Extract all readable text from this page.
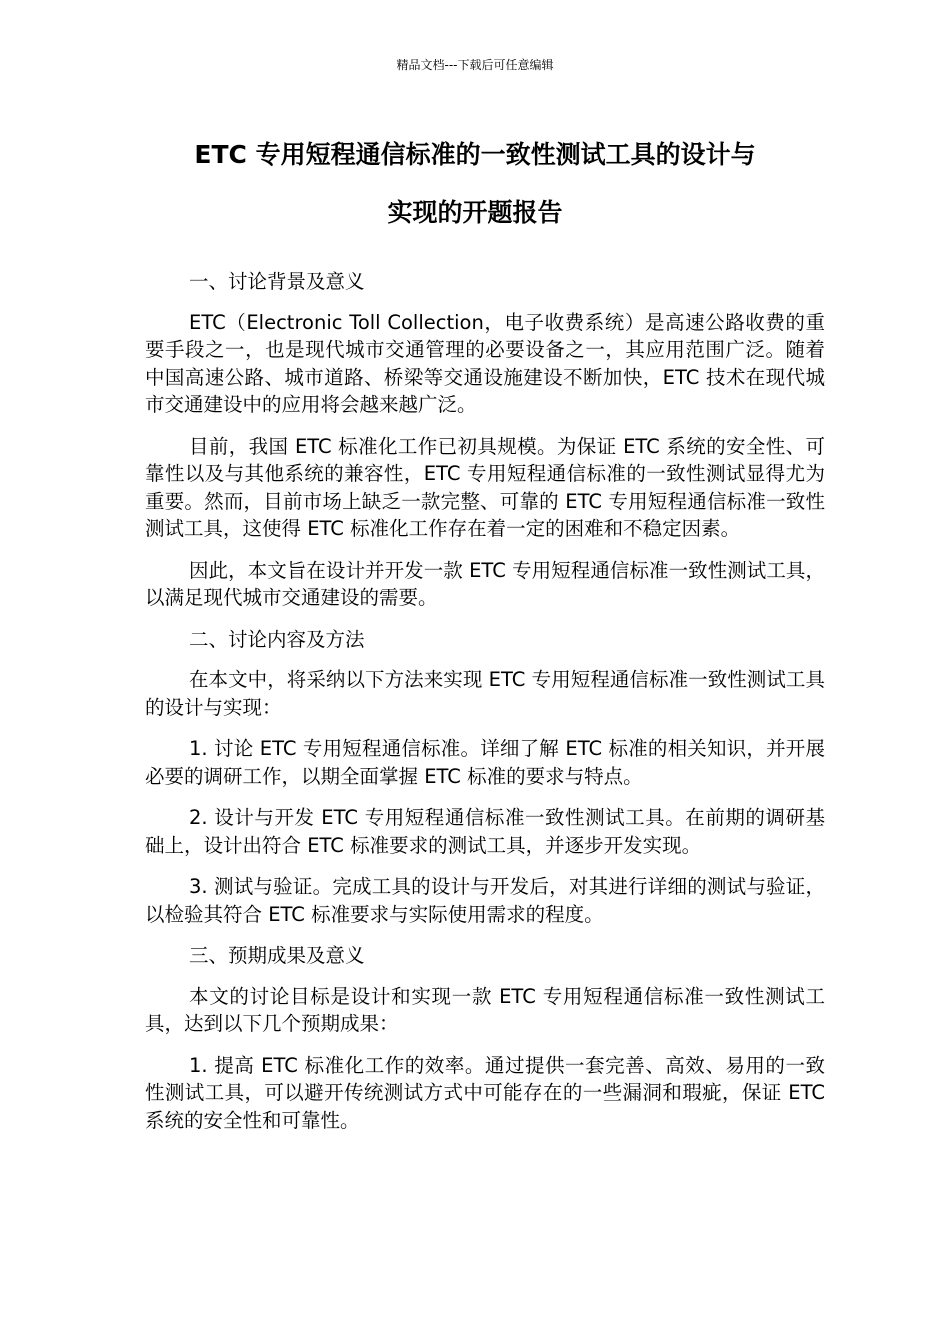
精品文档---下载后可任意编辑
ETC 专用短程通信标准的一致性测试工具的设计与
实现的开题报告

一、讨论背景及意义

ETC（Electronic Toll Collection，电子收费系统）是高速公路收费的重要手段之一，也是现代城市交通管理的必要设备之一，其应用范围广泛。随着中国高速公路、城市道路、桥梁等交通设施建设不断加快，ETC 技术在现代城市交通建设中的应用将会越来越广泛。

目前，我国 ETC 标准化工作已初具规模。为保证 ETC 系统的安全性、可靠性以及与其他系统的兼容性，ETC 专用短程通信标准的一致性测试显得尤为重要。然而，目前市场上缺乏一款完整、可靠的 ETC 专用短程通信标准一致性测试工具，这使得 ETC 标准化工作存在着一定的困难和不稳定因素。

因此，本文旨在设计并开发一款 ETC 专用短程通信标准一致性测试工具，以满足现代城市交通建设的需要。

二、讨论内容及方法

在本文中，将采纳以下方法来实现 ETC 专用短程通信标准一致性测试工具的设计与实现：

1. 讨论 ETC 专用短程通信标准。详细了解 ETC 标准的相关知识，并开展必要的调研工作，以期全面掌握 ETC 标准的要求与特点。

2. 设计与开发 ETC 专用短程通信标准一致性测试工具。在前期的调研基础上，设计出符合 ETC 标准要求的测试工具，并逐步开发实现。

3. 测试与验证。完成工具的设计与开发后，对其进行详细的测试与验证，以检验其符合 ETC 标准要求与实际使用需求的程度。

三、预期成果及意义

本文的讨论目标是设计和实现一款 ETC 专用短程通信标准一致性测试工具，达到以下几个预期成果：

1. 提高 ETC 标准化工作的效率。通过提供一套完善、高效、易用的一致性测试工具，可以避开传统测试方式中可能存在的一些漏洞和瑕疵，保证 ETC 系统的安全性和可靠性。
